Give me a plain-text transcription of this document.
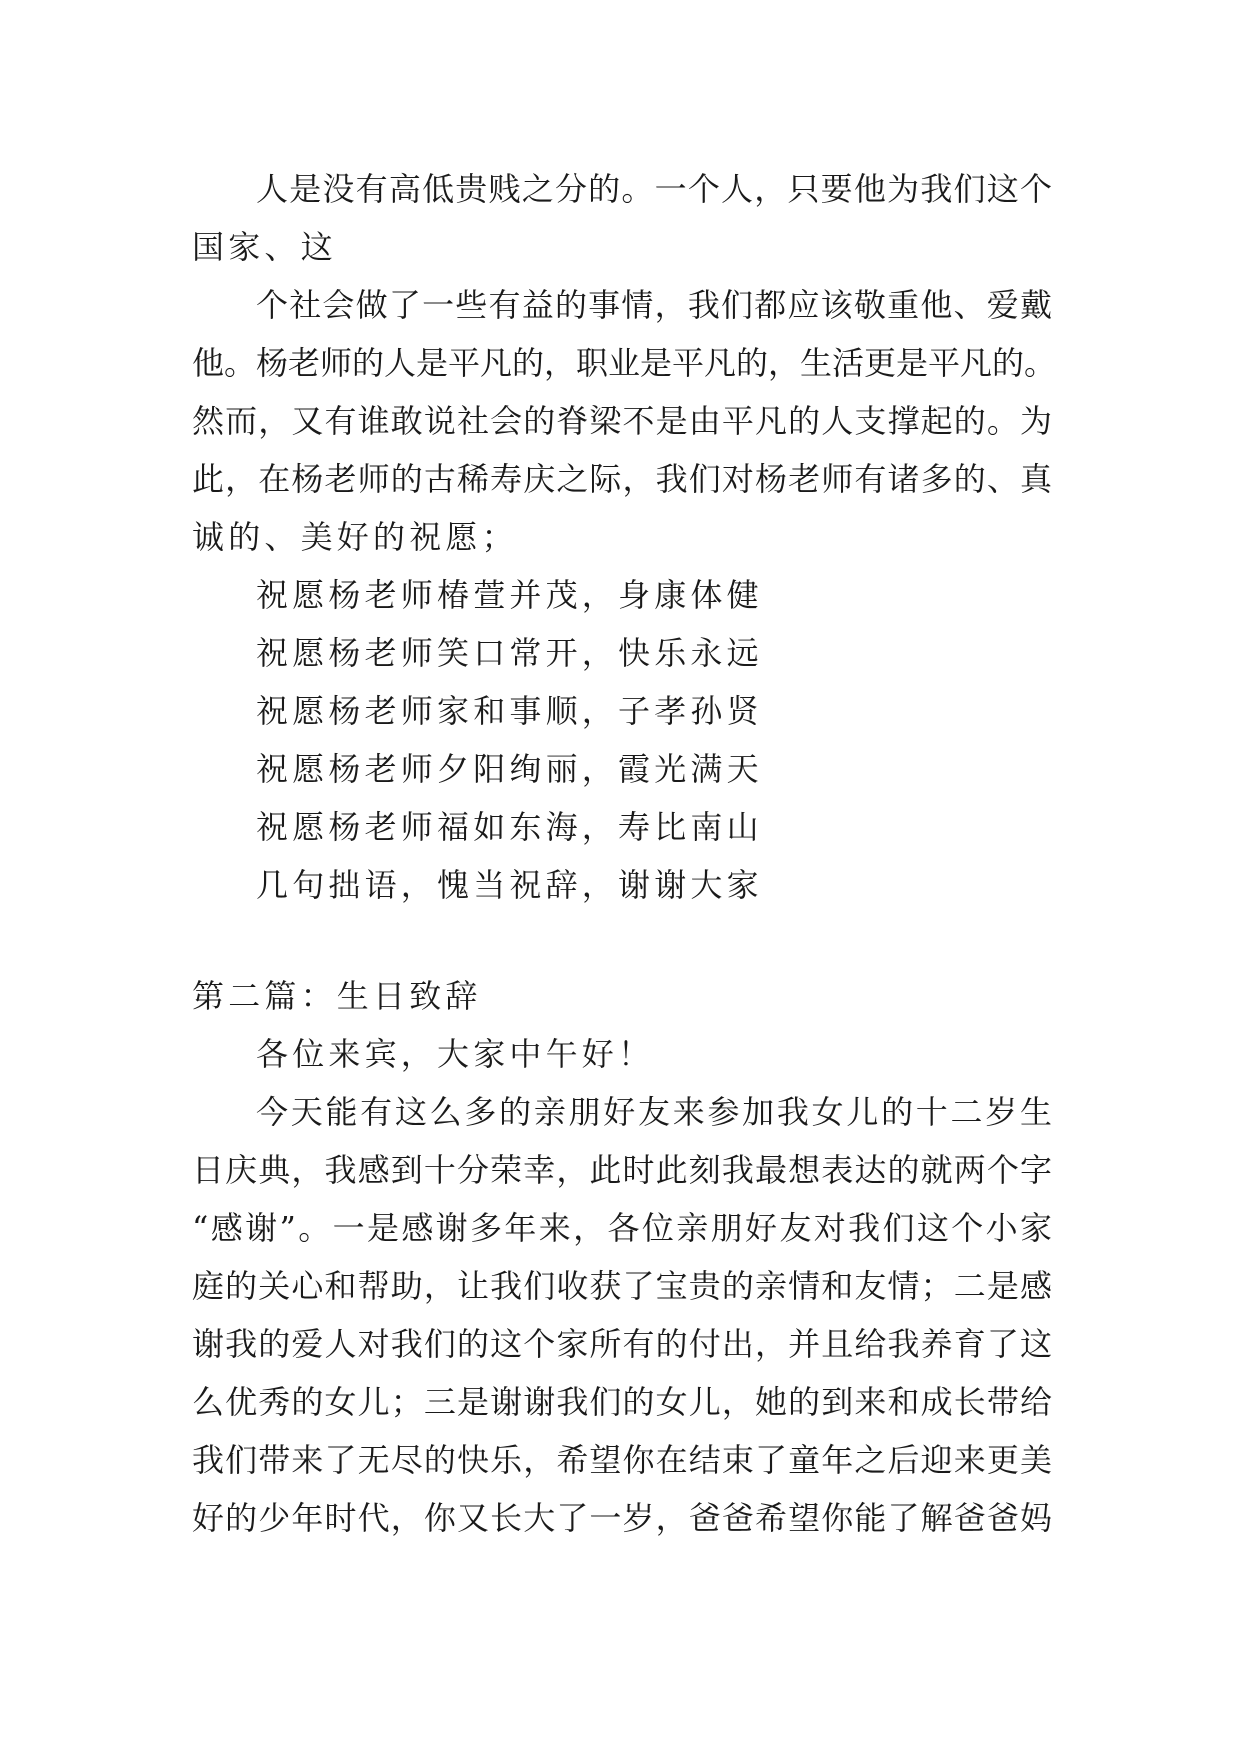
人是没有高低贵贱之分的。一个人，只要他为我们这个

国家、这

个社会做了一些有益的事情，我们都应该敬重他、爱戴

他。杨老师的人是平凡的，职业是平凡的，生活更是平凡的。

然而，又有谁敢说社会的脊梁不是由平凡的人支撑起的。为

此，在杨老师的古稀寿庆之际，我们对杨老师有诸多的、真

诚的、美好的祝愿；

祝愿杨老师椿萱并茂，身康体健

祝愿杨老师笑口常开，快乐永远

祝愿杨老师家和事顺，子孝孙贤

祝愿杨老师夕阳绚丽，霞光满天

祝愿杨老师福如东海，寿比南山

几句拙语，愧当祝辞，谢谢大家

第二篇：生日致辞

各位来宾，大家中午好！

今天能有这么多的亲朋好友来参加我女儿的十二岁生

日庆典，我感到十分荣幸，此时此刻我最想表达的就两个字

“感谢”。一是感谢多年来，各位亲朋好友对我们这个小家

庭的关心和帮助，让我们收获了宝贵的亲情和友情；二是感

谢我的爱人对我们的这个家所有的付出，并且给我养育了这

么优秀的女儿；三是谢谢我们的女儿，她的到来和成长带给

我们带来了无尽的快乐，希望你在结束了童年之后迎来更美

好的少年时代，你又长大了一岁，爸爸希望你能了解爸爸妈
